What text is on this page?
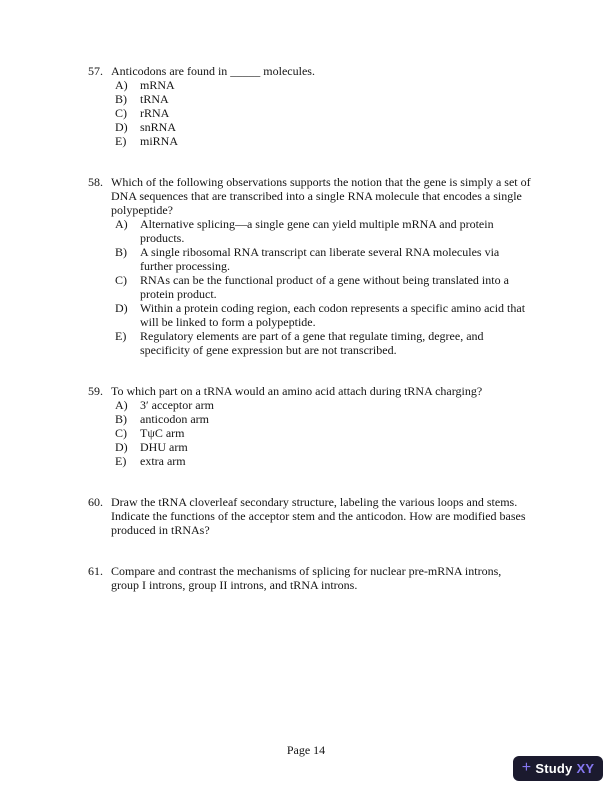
57. Anticodons are found in _____ molecules.
A)	mRNA
B)	tRNA
C)	rRNA
D)	snRNA
E)	miRNA
58. Which of the following observations supports the notion that the gene is simply a set of DNA sequences that are transcribed into a single RNA molecule that encodes a single polypeptide?
A)	Alternative splicing—a single gene can yield multiple mRNA and protein products.
B)	A single ribosomal RNA transcript can liberate several RNA molecules via further processing.
C)	RNAs can be the functional product of a gene without being translated into a protein product.
D)	Within a protein coding region, each codon represents a specific amino acid that will be linked to form a polypeptide.
E)	Regulatory elements are part of a gene that regulate timing, degree, and specificity of gene expression but are not transcribed.
59. To which part on a tRNA would an amino acid attach during tRNA charging?
A)	3′ acceptor arm
B)	anticodon arm
C)	TψC arm
D)	DHU arm
E)	extra arm
60. Draw the tRNA cloverleaf secondary structure, labeling the various loops and stems. Indicate the functions of the acceptor stem and the anticodon. How are modified bases produced in tRNAs?
61. Compare and contrast the mechanisms of splicing for nuclear pre-mRNA introns, group I introns, group II introns, and tRNA introns.
Page 14
+ Study XY
